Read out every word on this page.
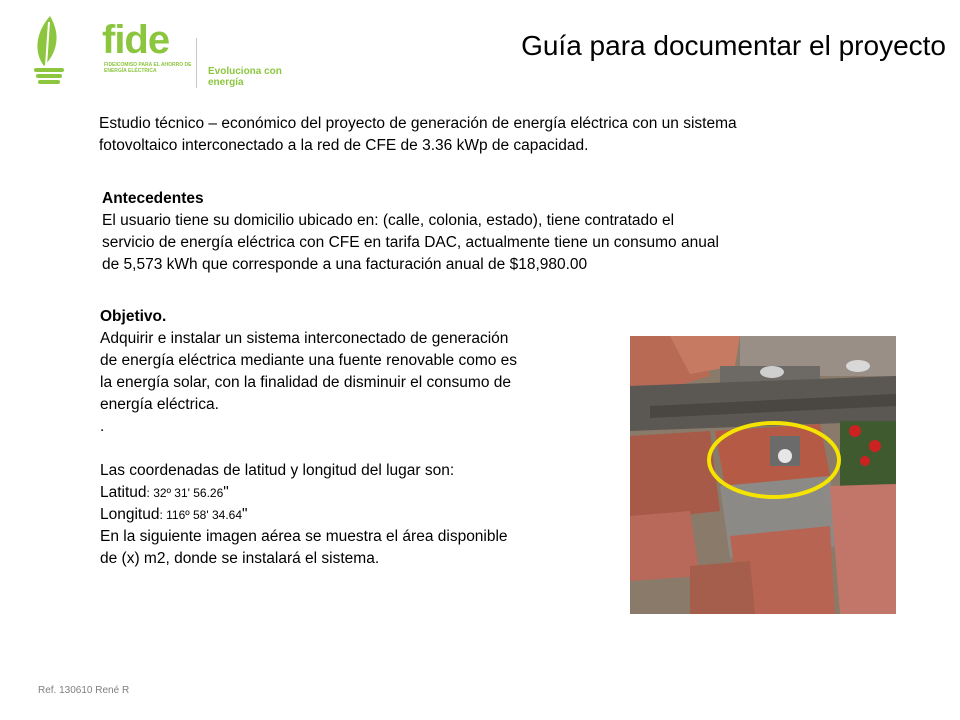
fide
FIDEICOMISO PARA EL AHORRO DE ENERGÍA ELÉCTRICA	Evoluciona con energía
Guía para documentar el proyecto
Estudio técnico – económico del proyecto de generación de energía eléctrica con un sistema
fotovoltaico interconectado a la red de CFE de 3.36 kWp de capacidad.
Antecedentes
El usuario tiene su domicilio ubicado en: (calle, colonia, estado), tiene contratado el
servicio de energía eléctrica con CFE en tarifa DAC, actualmente tiene un consumo anual
de 5,573 kWh que corresponde a una facturación anual de $18,980.00
Objetivo.
Adquirir e instalar un sistema interconectado de generación
de energía eléctrica mediante una fuente renovable como es
la energía solar, con la finalidad de disminuir el consumo de
energía eléctrica.
.

Las coordenadas de latitud y longitud del lugar son:
Latitud: 32º 31' 56.26"
Longitud: 116º 58' 34.64"
En la siguiente imagen aérea se muestra el área disponible
de (x) m2, donde se instalará el sistema.
Ref. 130610 René R
